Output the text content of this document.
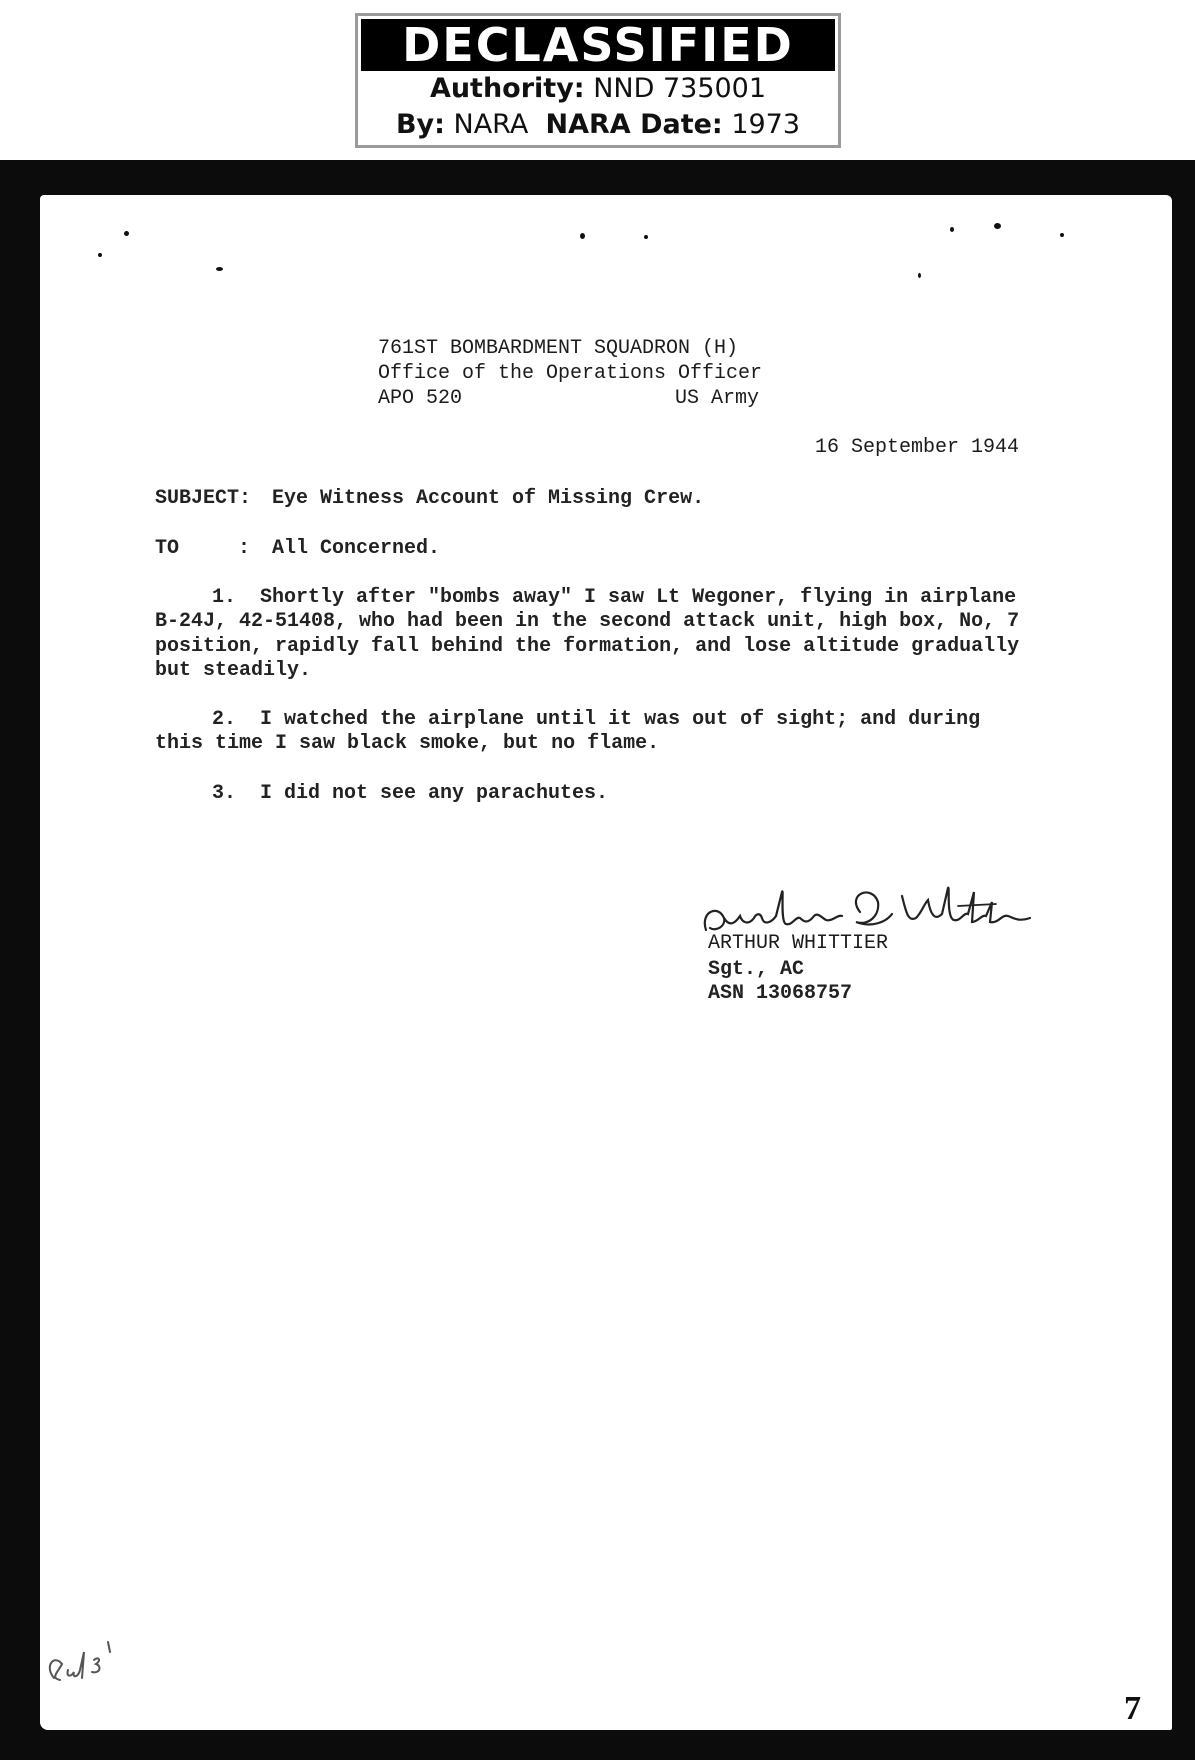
DECLASSIFIED
Authority: NND 735001
By: NARA NARA Date: 1973
761ST BOMBARDMENT SQUADRON (H)
Office of the Operations Officer
APO 520	US Army
16 September 1944
SUBJECT: Eye Witness Account of Missing Crew.
TO	: All Concerned.
1. Shortly after "bombs away" I saw Lt Wegoner, flying in airplane
B-24J, 42-51408, who had been in the second attack unit, high box, No, 7
position, rapidly fall behind the formation, and lose altitude gradually
but steadily.
2. I watched the airplane until it was out of sight; and during
this time I saw black smoke, but no flame.
3. I did not see any parachutes.
ARTHUR WHITTIER
Sgt., AC
ASN 13068757
7
